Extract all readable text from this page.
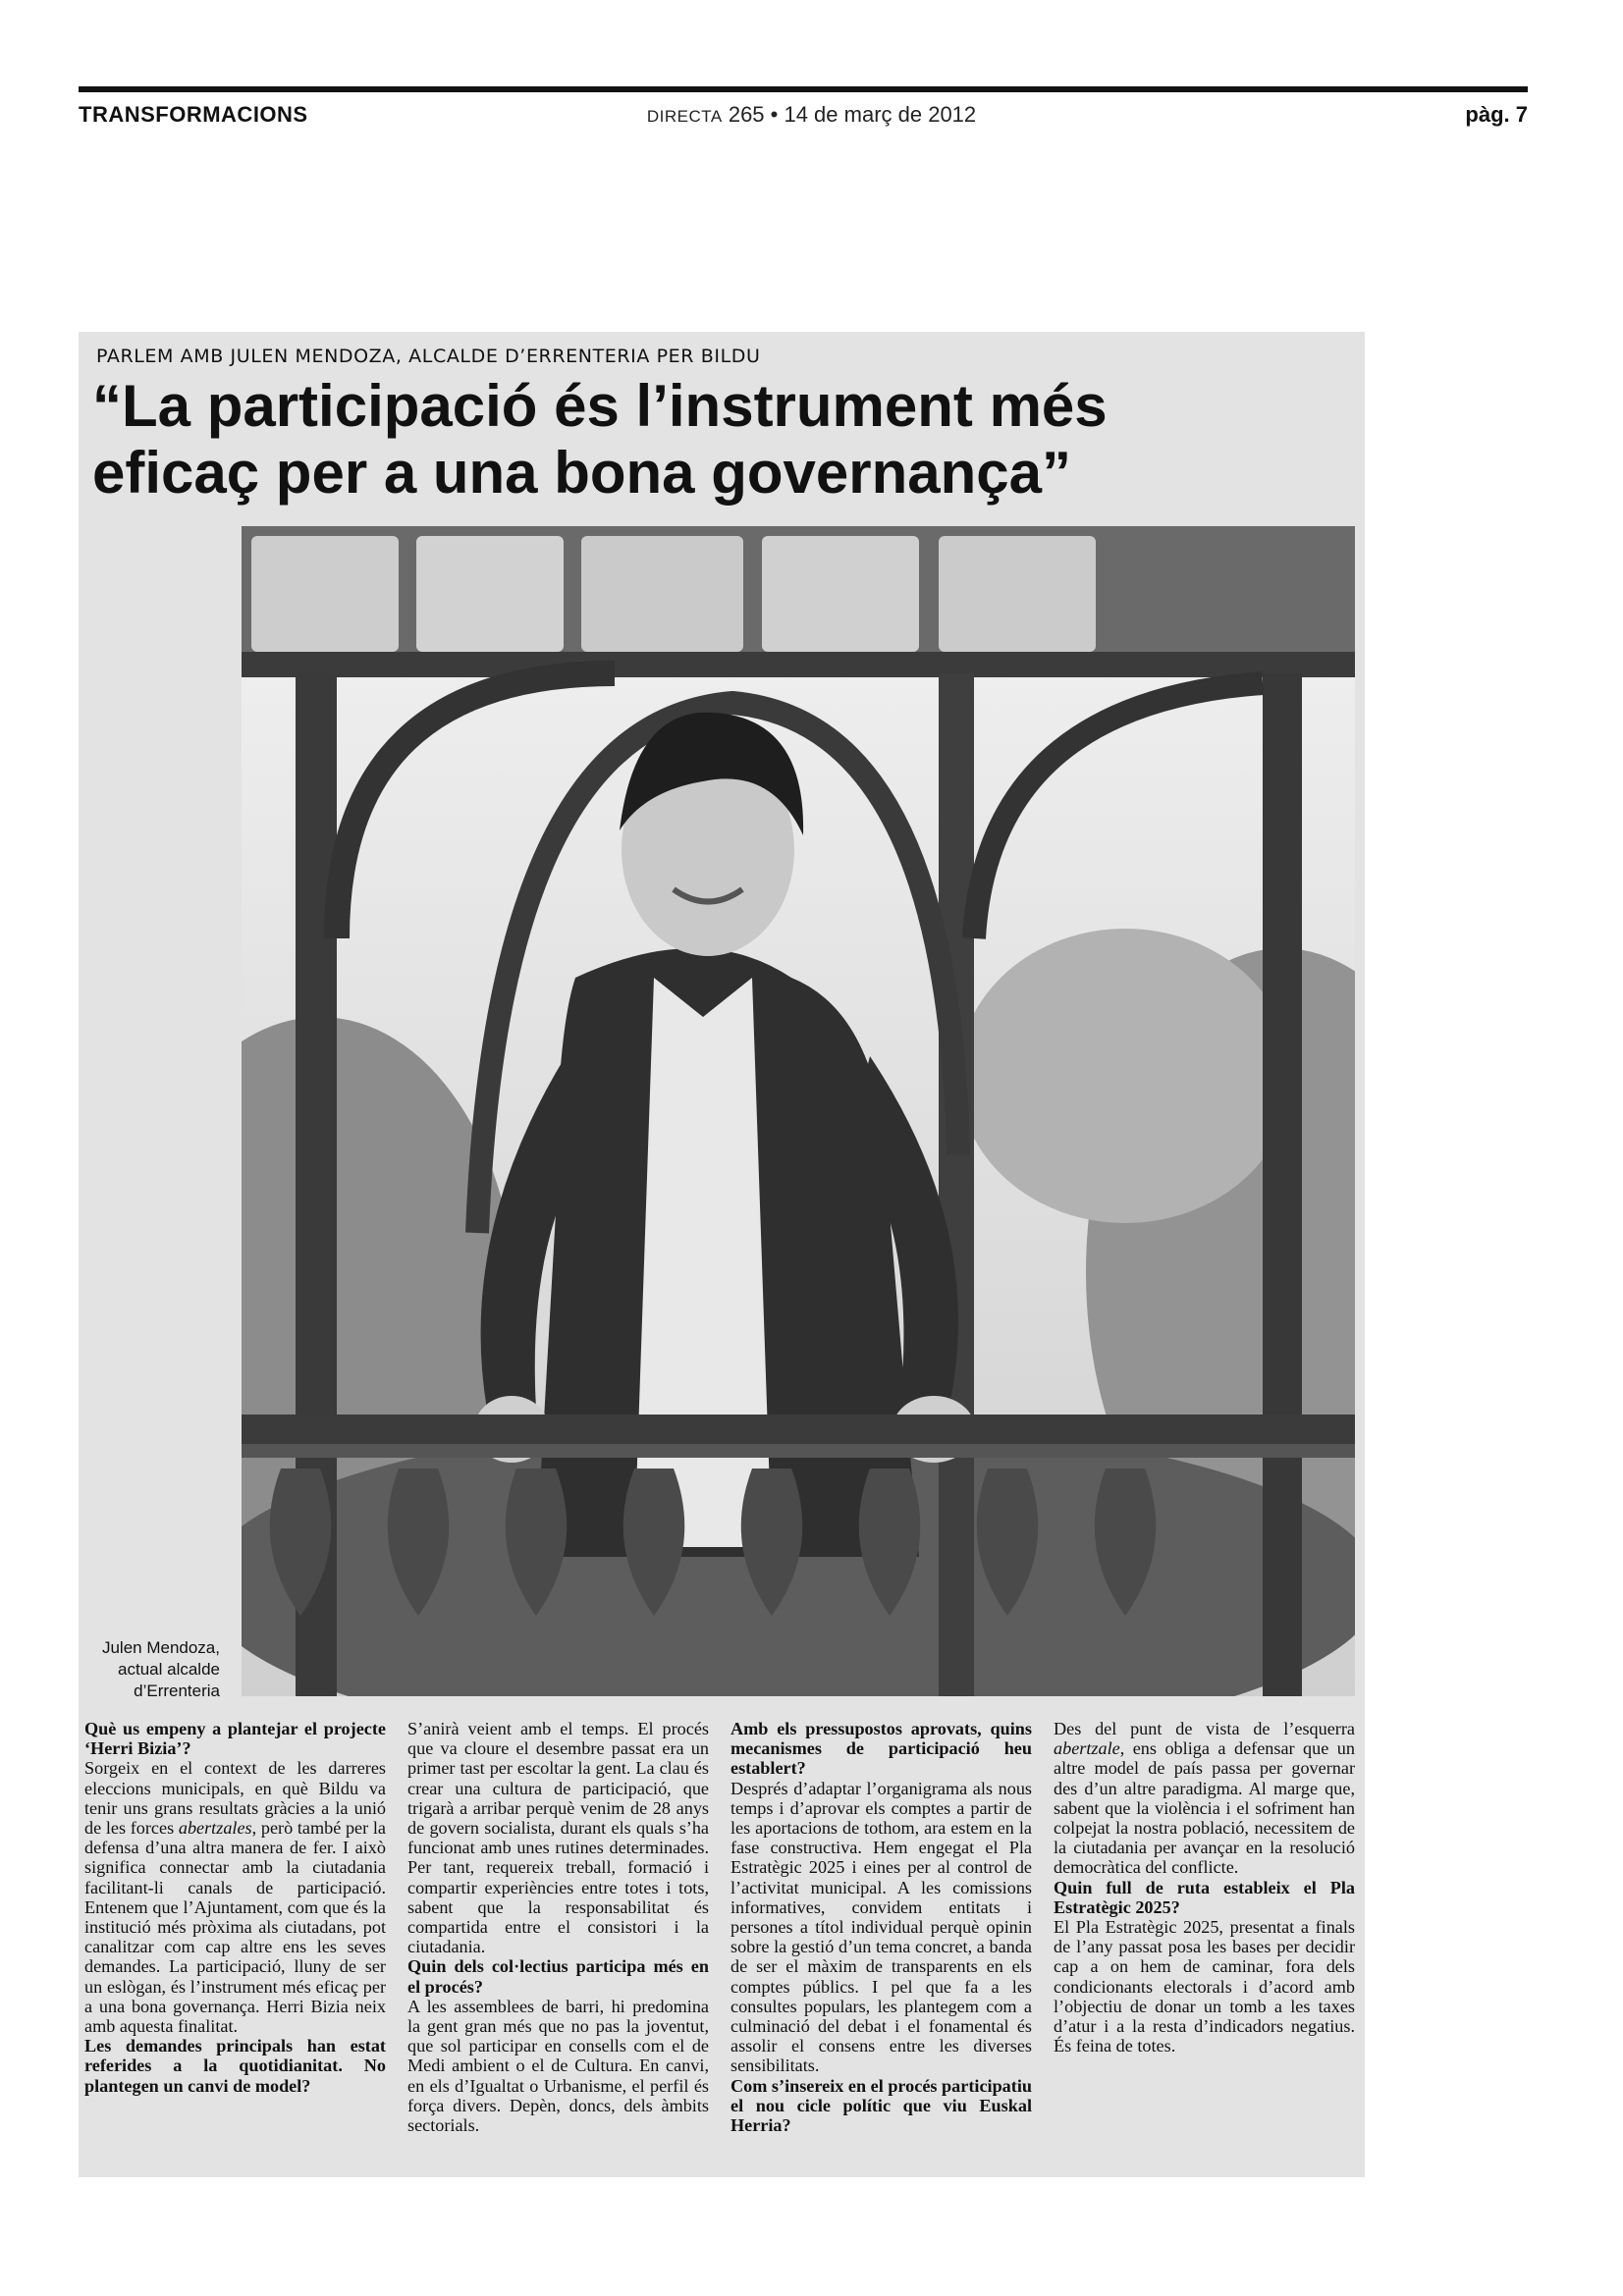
TRANSFORMACIONS	DIRECTA 265 • 14 de març de 2012	pàg. 7
PARLEM AMB JULEN MENDOZA, ALCALDE D’ERRENTERIA PER BILDU
“La participació és l’instrument més
eficaç per a una bona governança”
Julen Mendoza,
actual alcalde
d’Errenteria

Què us empeny a plantejar el projecte ‘Herri Bizia’?

Sorgeix en el context de les darreres eleccions municipals, en què Bildu va tenir uns grans resultats gràcies a la unió de les forces abertzales, però també per la defensa d’una altra manera de fer. I això significa connectar amb la ciutadania facilitant-li canals de participació. Entenem que l’Ajuntament, com que és la institució més pròxima als ciutadans, pot canalitzar com cap altre ens les seves demandes. La participació, lluny de ser un eslògan, és l’instrument més eficaç per a una bona governança. Herri Bizia neix amb aquesta finalitat.

Les demandes principals han estat referides a la quotidianitat. No plantegen un canvi de model?

S’anirà veient amb el temps. El procés que va cloure el desembre passat era un primer tast per escoltar la gent. La clau és crear una cultura de participació, que trigarà a arribar perquè venim de 28 anys de govern socialista, durant els quals s’ha funcionat amb unes rutines determinades. Per tant, requereix treball, formació i compartir experiències entre totes i tots, sabent que la responsabilitat és compartida entre el consistori i la ciutadania.

Quin dels col·lectius participa més en el procés?

A les assemblees de barri, hi predomina la gent gran més que no pas la joventut, que sol participar en consells com el de Medi ambient o el de Cultura. En canvi, en els d’Igualtat o Urbanisme, el perfil és força divers. Depèn, doncs, dels àmbits sectorials.

Amb els pressupostos aprovats, quins mecanismes de participació heu establert?

Després d’adaptar l’organigrama als nous temps i d’aprovar els comptes a partir de les aportacions de tothom, ara estem en la fase constructiva. Hem engegat el Pla Estratègic 2025 i eines per al control de l’activitat municipal. A les comissions informatives, convidem entitats i persones a títol individual perquè opinin sobre la gestió d’un tema concret, a banda de ser el màxim de transparents en els comptes públics. I pel que fa a les consultes populars, les plantegem com a culminació del debat i el fonamental és assolir el consens entre les diverses sensibilitats.

Com s’insereix en el procés participatiu el nou cicle polític que viu Euskal Herria?

Des del punt de vista de l’esquerra abertzale, ens obliga a defensar que un altre model de país passa per governar des d’un altre paradigma. Al marge que, sabent que la violència i el sofriment han colpejat la nostra població, necessitem de la ciutadania per avançar en la resolució democràtica del conflicte.

Quin full de ruta estableix el Pla Estratègic 2025?

El Pla Estratègic 2025, presentat a finals de l’any passat posa les bases per decidir cap a on hem de caminar, fora dels condicionants electorals i d’acord amb l’objectiu de donar un tomb a les taxes d’atur i a la resta d’indicadors negatius. És feina de totes.
